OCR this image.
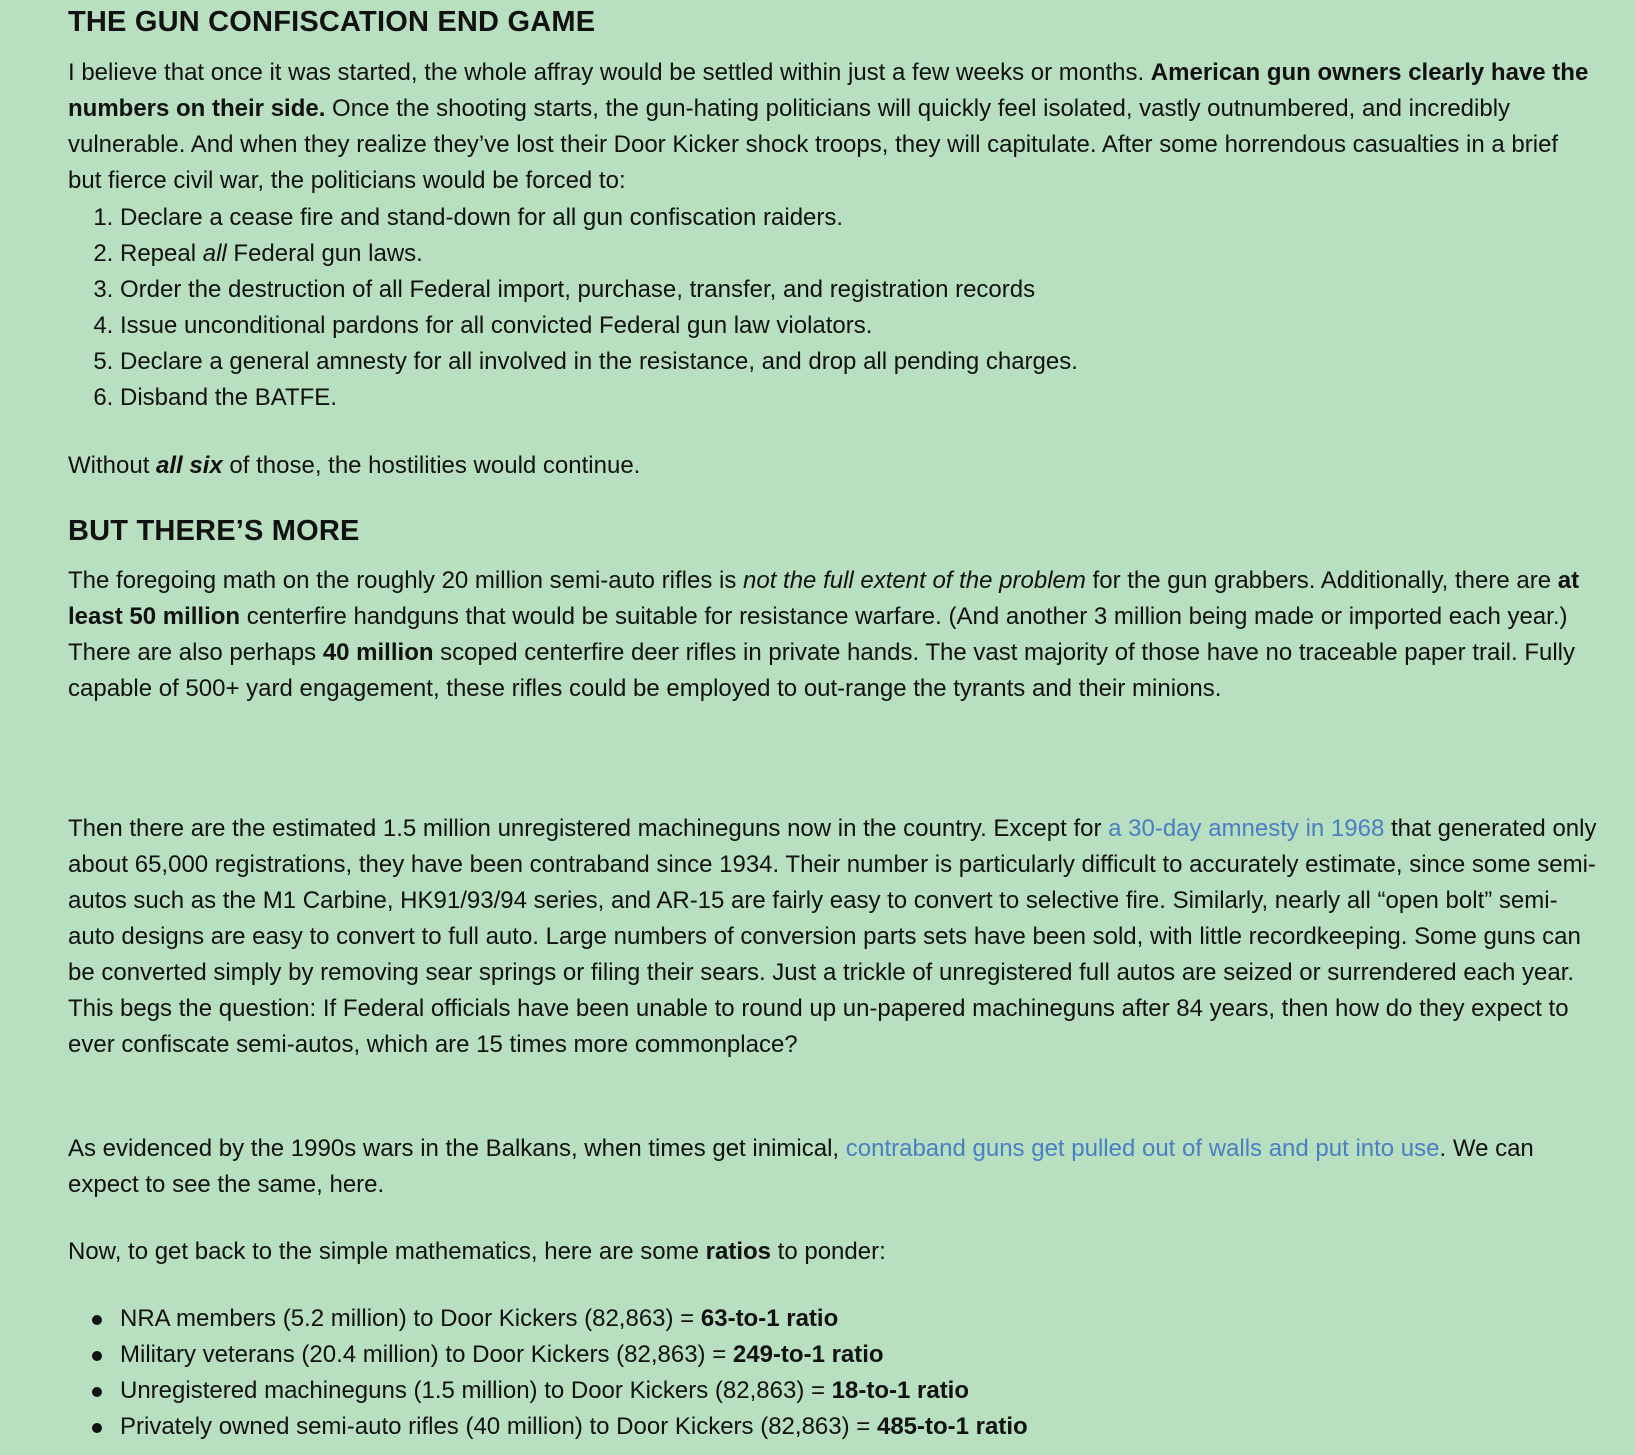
THE GUN CONFISCATION END GAME

I believe that once it was started, the whole affray would be settled within just a few weeks or months. American gun owners clearly have the numbers on their side. Once the shooting starts, the gun-hating politicians will quickly feel isolated, vastly outnumbered, and incredibly vulnerable. And when they realize they’ve lost their Door Kicker shock troops, they will capitulate. After some horrendous casualties in a brief but fierce civil war, the politicians would be forced to:

1. Declare a cease fire and stand-down for all gun confiscation raiders.
2. Repeal all Federal gun laws.
3. Order the destruction of all Federal import, purchase, transfer, and registration records
4. Issue unconditional pardons for all convicted Federal gun law violators.
5. Declare a general amnesty for all involved in the resistance, and drop all pending charges.
6. Disband the BATFE.

Without all six of those, the hostilities would continue.

BUT THERE’S MORE

The foregoing math on the roughly 20 million semi-auto rifles is not the full extent of the problem for the gun grabbers. Additionally, there are at least 50 million centerfire handguns that would be suitable for resistance warfare. (And another 3 million being made or imported each year.) There are also perhaps 40 million scoped centerfire deer rifles in private hands. The vast majority of those have no traceable paper trail. Fully capable of 500+ yard engagement, these rifles could be employed to out-range the tyrants and their minions.

Then there are the estimated 1.5 million unregistered machineguns now in the country. Except for a 30-day amnesty in 1968 that generated only about 65,000 registrations, they have been contraband since 1934. Their number is particularly difficult to accurately estimate, since some semi-autos such as the M1 Carbine, HK91/93/94 series, and AR-15 are fairly easy to convert to selective fire. Similarly, nearly all “open bolt” semi-auto designs are easy to convert to full auto. Large numbers of conversion parts sets have been sold, with little recordkeeping. Some guns can be converted simply by removing sear springs or filing their sears. Just a trickle of unregistered full autos are seized or surrendered each year. This begs the question: If Federal officials have been unable to round up un-papered machineguns after 84 years, then how do they expect to ever confiscate semi-autos, which are 15 times more commonplace?

As evidenced by the 1990s wars in the Balkans, when times get inimical, contraband guns get pulled out of walls and put into use. We can expect to see the same, here.

Now, to get back to the simple mathematics, here are some ratios to ponder:

NRA members (5.2 million) to Door Kickers (82,863) = 63-to-1 ratio
Military veterans (20.4 million) to Door Kickers (82,863) = 249-to-1 ratio
Unregistered machineguns (1.5 million) to Door Kickers (82,863) = 18-to-1 ratio
Privately owned semi-auto rifles (40 million) to Door Kickers (82,863) = 485-to-1 ratio
